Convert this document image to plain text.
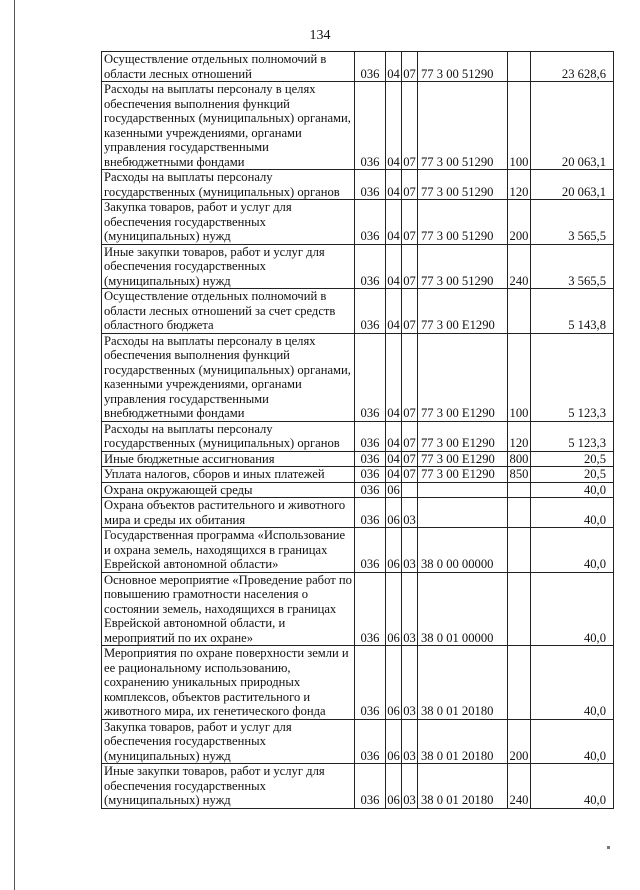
134
Осуществление отдельных полномочий в области лесных отношений	036	04	07	77 3 00 51290		23 628,6
Расходы на выплаты персоналу в целях обеспечения выполнения функций государственных (муниципальных) органами, казенными учреждениями, органами управления государственными внебюджетными фондами	036	04	07	77 3 00 51290	100	20 063,1
Расходы на выплаты персоналу государственных (муниципальных) органов	036	04	07	77 3 00 51290	120	20 063,1
Закупка товаров, работ и услуг для обеспечения государственных (муниципальных) нужд	036	04	07	77 3 00 51290	200	3 565,5
Иные закупки товаров, работ и услуг для обеспечения государственных (муниципальных) нужд	036	04	07	77 3 00 51290	240	3 565,5
Осуществление отдельных полномочий в области лесных отношений за счет средств областного бюджета	036	04	07	77 3 00 E1290		5 143,8
Расходы на выплаты персоналу в целях обеспечения выполнения функций государственных (муниципальных) органами, казенными учреждениями, органами управления государственными внебюджетными фондами	036	04	07	77 3 00 E1290	100	5 123,3
Расходы на выплаты персоналу государственных (муниципальных) органов	036	04	07	77 3 00 E1290	120	5 123,3
Иные бюджетные ассигнования	036	04	07	77 3 00 E1290	800	20,5
Уплата налогов, сборов и иных платежей	036	04	07	77 3 00 E1290	850	20,5
Охрана окружающей среды	036	06				40,0
Охрана объектов растительного и животного мира и среды их обитания	036	06	03			40,0
Государственная программа «Использование и охрана земель, находящихся в границах Еврейской автономной области»	036	06	03	38 0 00 00000		40,0
Основное мероприятие «Проведение работ по повышению грамотности населения о состоянии земель, находящихся в границах Еврейской автономной области, и мероприятий по их охране»	036	06	03	38 0 01 00000		40,0
Мероприятия по охране поверхности земли и ее рациональному использованию, сохранению уникальных природных комплексов, объектов растительного и животного мира, их генетического фонда	036	06	03	38 0 01 20180		40,0
Закупка товаров, работ и услуг для обеспечения государственных (муниципальных) нужд	036	06	03	38 0 01 20180	200	40,0
Иные закупки товаров, работ и услуг для обеспечения государственных (муниципальных) нужд	036	06	03	38 0 01 20180	240	40,0
